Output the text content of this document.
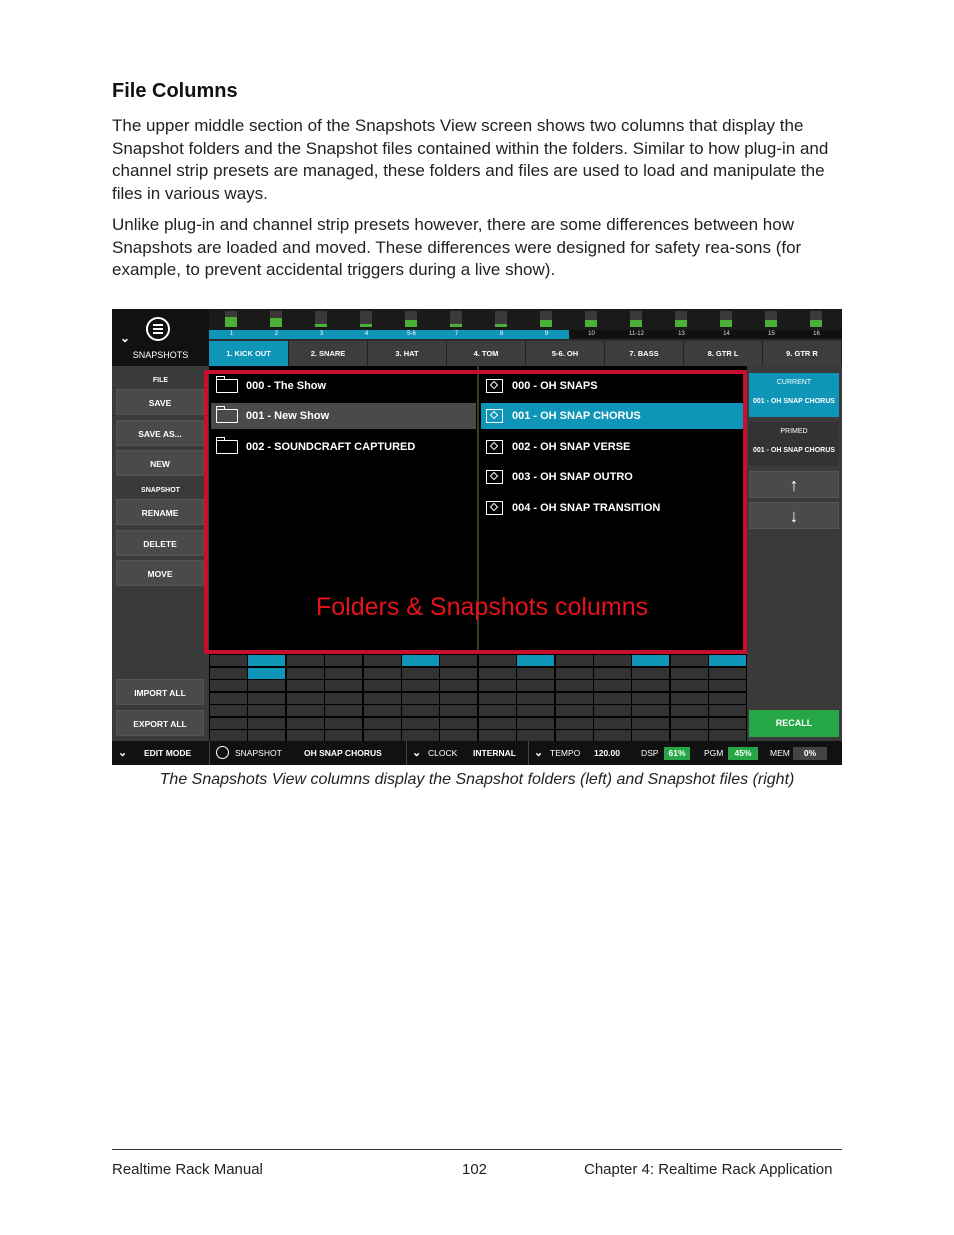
File Columns
The upper middle section of the Snapshots View screen shows two columns that display the Snapshot folders and the Snapshot files contained within the folders. Similar to how plug-in and channel strip presets are managed, these folders and files are used to load and manipulate the files in various ways.
Unlike plug-in and channel strip presets however, there are some differences between how Snapshots are loaded and moved. These differences were designed for safety rea-sons (for example, to prevent accidental triggers during a live show).
1	2	3	4	5-6	7	8	9	10	11-12	13	14	15	16
1. KICK OUT	2. SNARE	3. HAT	4. TOM	5-6. OH	7. BASS	8. GTR L	9. GTR R
⌄
SNAPSHOTS
FILE
SAVE
SAVE AS...
NEW
SNAPSHOT
RENAME
DELETE
MOVE
IMPORT ALL
EXPORT ALL
000 - The Show
001 - New Show
002 - SOUNDCRAFT CAPTURED
000 - OH SNAPS
001 - OH SNAP CHORUS
002 - OH SNAP VERSE
003 - OH SNAP OUTRO
004 - OH SNAP TRANSITION
Folders & Snapshots columns
CURRENT
001 - OH SNAP CHORUS
PRIMED
001 - OH SNAP CHORUS
↑
↓
RECALL
⌄ EDIT MODE	SNAPSHOT	OH SNAP CHORUS	⌄ CLOCK INTERNAL ⌄ TEMPO 120.00 DSP	61%	PGM	45%	MEM	0%
The Snapshots View columns display the Snapshot folders (left) and Snapshot files (right)
Realtime Rack Manual	102	Chapter 4: Realtime Rack Application
